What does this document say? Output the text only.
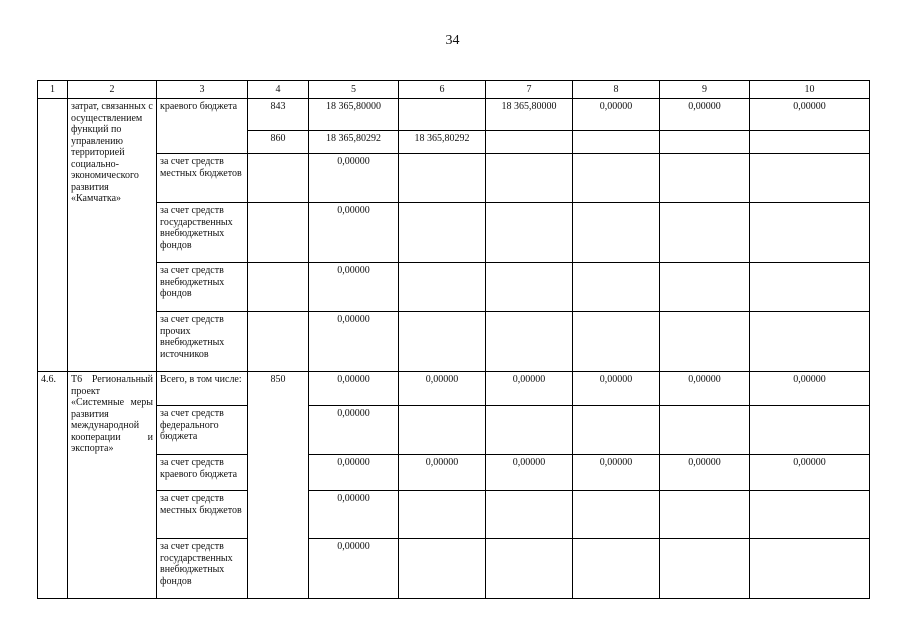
34
1	2	3	4	5	6	7	8	9	10
	затрат, связанных с осуществлением функций по управлению территорией социально-экономического развития «Камчатка»	краевого бюджета	843	18 365,80000		18 365,80000	0,00000	0,00000	0,00000
			860	18 365,80292	18 365,80292				
		за счет средств местных бюджетов		0,00000					
		за счет средств государственных внебюджетных фондов		0,00000					
		за счет средств внебюджетных фондов		0,00000					
		за счет средств прочих внебюджетных источников		0,00000					
4.6.	Т6 Региональный проект «Системные меры развития международной кооперации и экспорта»	Всего, в том числе:	850	0,00000	0,00000	0,00000	0,00000	0,00000	0,00000
		за счет средств федерального бюджета		0,00000					
		за счет средств краевого бюджета		0,00000	0,00000	0,00000	0,00000	0,00000	0,00000
		за счет средств местных бюджетов		0,00000					
		за счет средств государственных внебюджетных фондов		0,00000					
